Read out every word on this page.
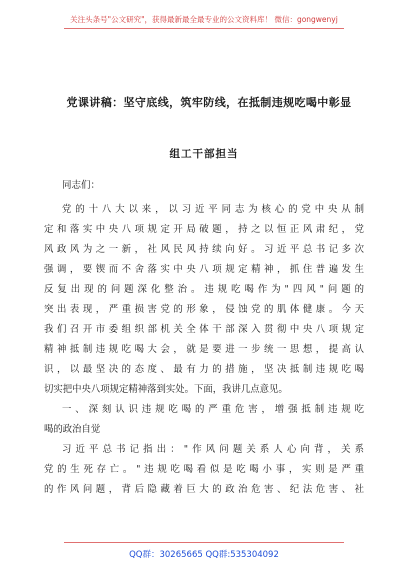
关注头条号"公文研究"，获得最新最全最专业的公文资料库！ 微信：gongwenyj
党课讲稿：坚守底线，筑牢防线，在抵制违规吃喝中彰显
组工干部担当
同志们：
党的十八大以来，以习近平同志为核心的党中央从制
定和落实中央八项规定开局破题，持之以恒正风肃纪，党
风政风为之一新，社风民风持续向好。习近平总书记多次
强调，要锲而不舍落实中央八项规定精神，抓住普遍发生
反复出现的问题深化整治。违规吃喝作为"四风"问题的
突出表现，严重损害党的形象，侵蚀党的肌体健康。今天
我们召开市委组织部机关全体干部深入贯彻中央八项规定
精神抵制违规吃喝大会，就是要进一步统一思想，提高认
识，以最坚决的态度、最有力的措施，坚决抵制违规吃喝
切实把中央八项规定精神落到实处。下面，我讲几点意见。
一、深刻认识违规吃喝的严重危害，增强抵制违规吃
喝的政治自觉
习近平总书记指出："作风问题关系人心向背，关系
党的生死存亡。"违规吃喝看似是吃喝小事，实则是严重
的作风问题，背后隐藏着巨大的政治危害、纪法危害、社
QQ群：30265665 QQ群:535304092
